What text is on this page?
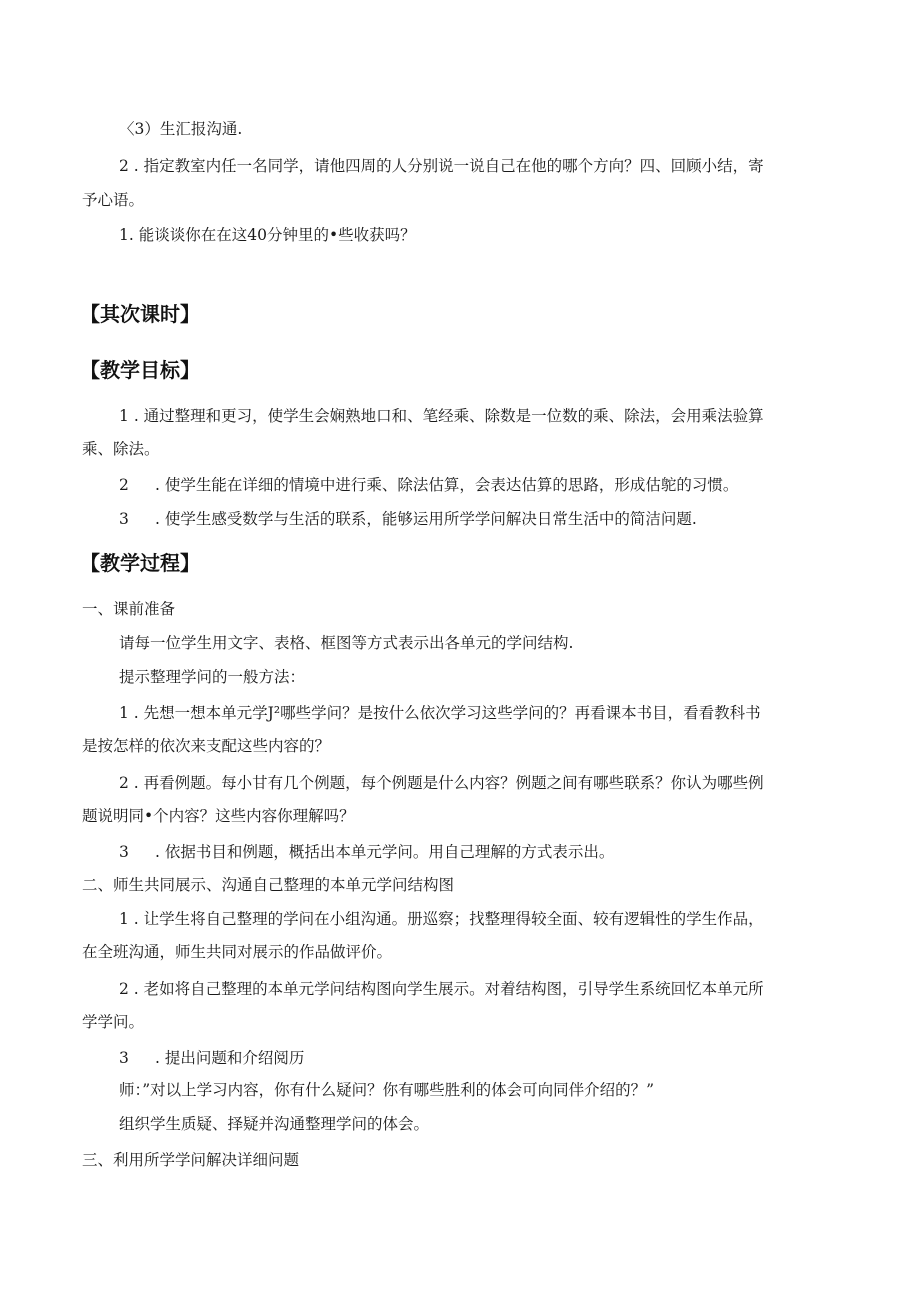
〈3）生汇报沟通.
2 . 指定教室内任一名同学，请他四周的人分别说一说自己在他的哪个方向？四、回顾小结，寄
予心语。
1. 能谈谈你在在这40分钟里的•些收获吗？
【其次课时】
【教学目标】
1 . 通过整理和更习，使学生会娴熟地口和、笔经乘、除数是一位数的乘、除法，会用乘法验算
乘、除法。
2 . 使学生能在详细的情境中进行乘、除法估算，会表达估算的思路，形成估鸵的习惯。
3 . 使学生感受数学与生活的联系，能够运用所学学问解决日常生活中的简洁问题.
【教学过程】
一、课前准备
请每一位学生用文字、表格、框图等方式表示出各单元的学问结构.
提示整理学问的一般方法：
1 . 先想一想本单元学J²哪些学问？是按什么依次学习这些学问的？再看课本书目，看看教科书
是按怎样的依次来支配这些内容的？
2 . 再看例题。每小甘有几个例题，每个例题是什么内容？例题之间有哪些联系？你认为哪些例
题说明同•个内容？这些内容你理解吗？
3 . 依据书目和例题，概括出本单元学问。用自己理解的方式表示出。
二、师生共同展示、沟通自己整理的本单元学问结构图
1 . 让学生将自己整理的学问在小组沟通。册巡察；找整理得较全面、较有逻辑性的学生作品，
在全班沟通，师生共同对展示的作品做评价。
2 . 老如将自己整理的本单元学问结构图向学生展示。对着结构图，引导学生系统回忆本单元所
学学问。
3 . 提出问题和介绍阅历
师：”对以上学习内容，你有什么疑问？你有哪些胜利的体会可向同伴介绍的？”
组织学生质疑、择疑并沟通整理学问的体会。
三、利用所学学问解决详细问题
